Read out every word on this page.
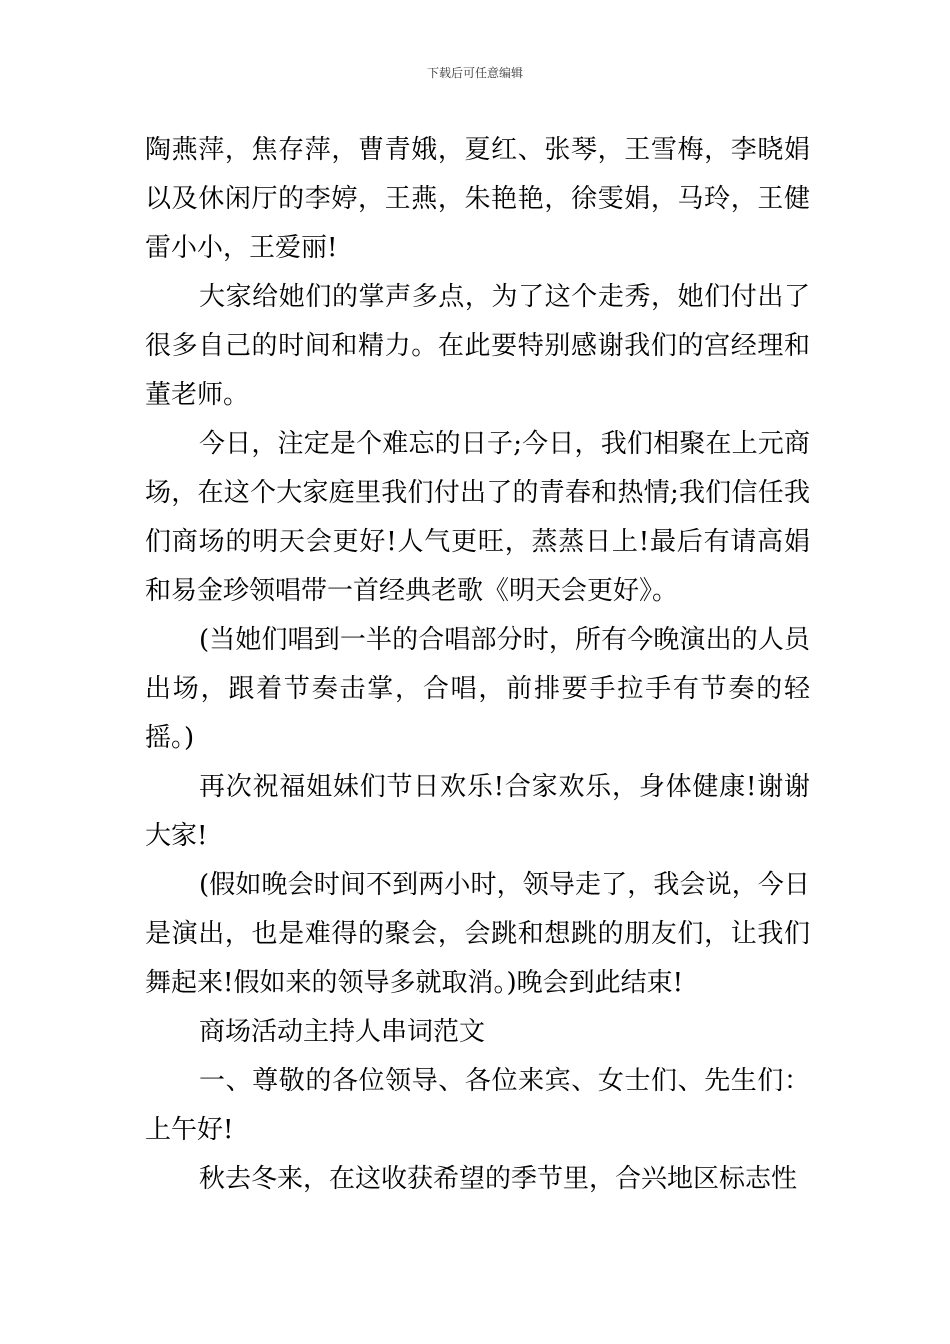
下载后可任意编辑

陶燕萍，焦存萍，曹青娥，夏红、张琴，王雪梅，李晓娟以及休闲厅的李婷，王燕，朱艳艳，徐雯娟，马玲，王健雷小小，王爱丽!

大家给她们的掌声多点，为了这个走秀，她们付出了很多自己的时间和精力。在此要特别感谢我们的宫经理和董老师。

今日，注定是个难忘的日子;今日，我们相聚在上元商场，在这个大家庭里我们付出了的青春和热情;我们信任我们商场的明天会更好!人气更旺，蒸蒸日上!最后有请高娟和易金珍领唱带一首经典老歌《明天会更好》。

(当她们唱到一半的合唱部分时，所有今晚演出的人员出场，跟着节奏击掌，合唱，前排要手拉手有节奏的轻摇。)

再次祝福姐妹们节日欢乐!合家欢乐，身体健康!谢谢大家!

(假如晚会时间不到两小时，领导走了，我会说，今日是演出，也是难得的聚会，会跳和想跳的朋友们，让我们舞起来!假如来的领导多就取消。)晚会到此结束!

商场活动主持人串词范文

一、尊敬的各位领导、各位来宾、女士们、先生们：上午好!

秋去冬来，在这收获希望的季节里，合兴地区标志性
